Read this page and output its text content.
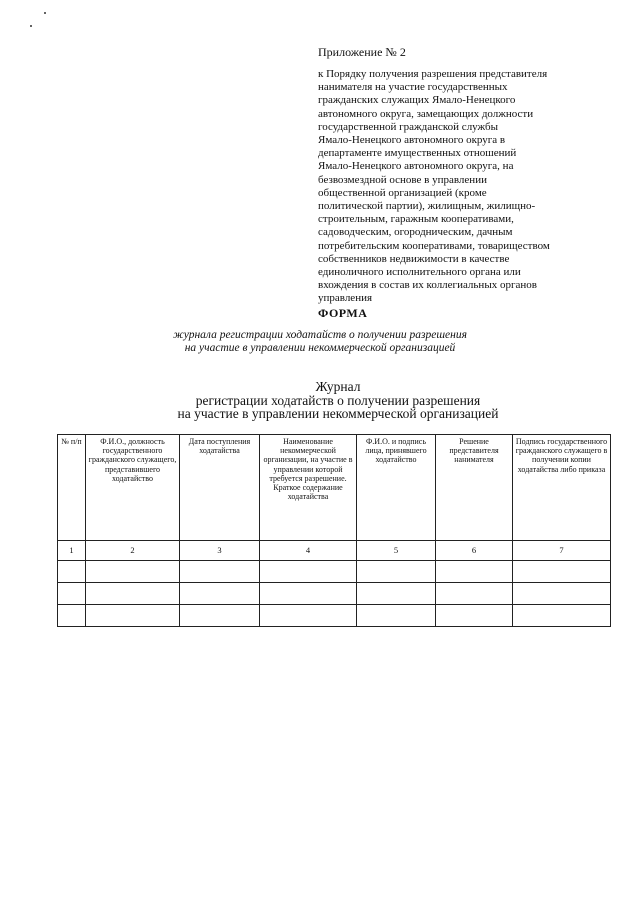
Приложение № 2
к Порядку получения разрешения представителя
нанимателя на участие государственных
гражданских служащих Ямало-Ненецкого
автономного округа, замещающих должности
государственной гражданской службы
Ямало-Ненецкого автономного округа в
департаменте имущественных отношений
Ямало-Ненецкого автономного округа, на
безвозмездной основе в управлении
общественной организацией (кроме
политической партии), жилищным, жилищно-
строительным, гаражным кооперативами,
садоводческим, огородническим, дачным
потребительским кооперативами, товариществом
собственников недвижимости в качестве
единоличного исполнительного органа или
вхождения в состав их коллегиальных органов
управления
ФОРМА
журнала регистрации ходатайств о получении разрешения
на участие в управлении некоммерческой организацией
Журнал
регистрации ходатайств о получении разрешения
на участие в управлении некоммерческой организацией
№ п/п	Ф.И.О., должность государственного гражданского служащего, представившего ходатайство	Дата поступления ходатайства	Наименование некоммерческой организации, на участие в управлении которой требуется разрешение. Краткое содержание ходатайства	Ф.И.О. и подпись лица, принявшего ходатайство	Решение представителя нанимателя	Подпись государственного гражданского служащего в получении копии ходатайства либо приказа
1	2	3	4	5	6	7
